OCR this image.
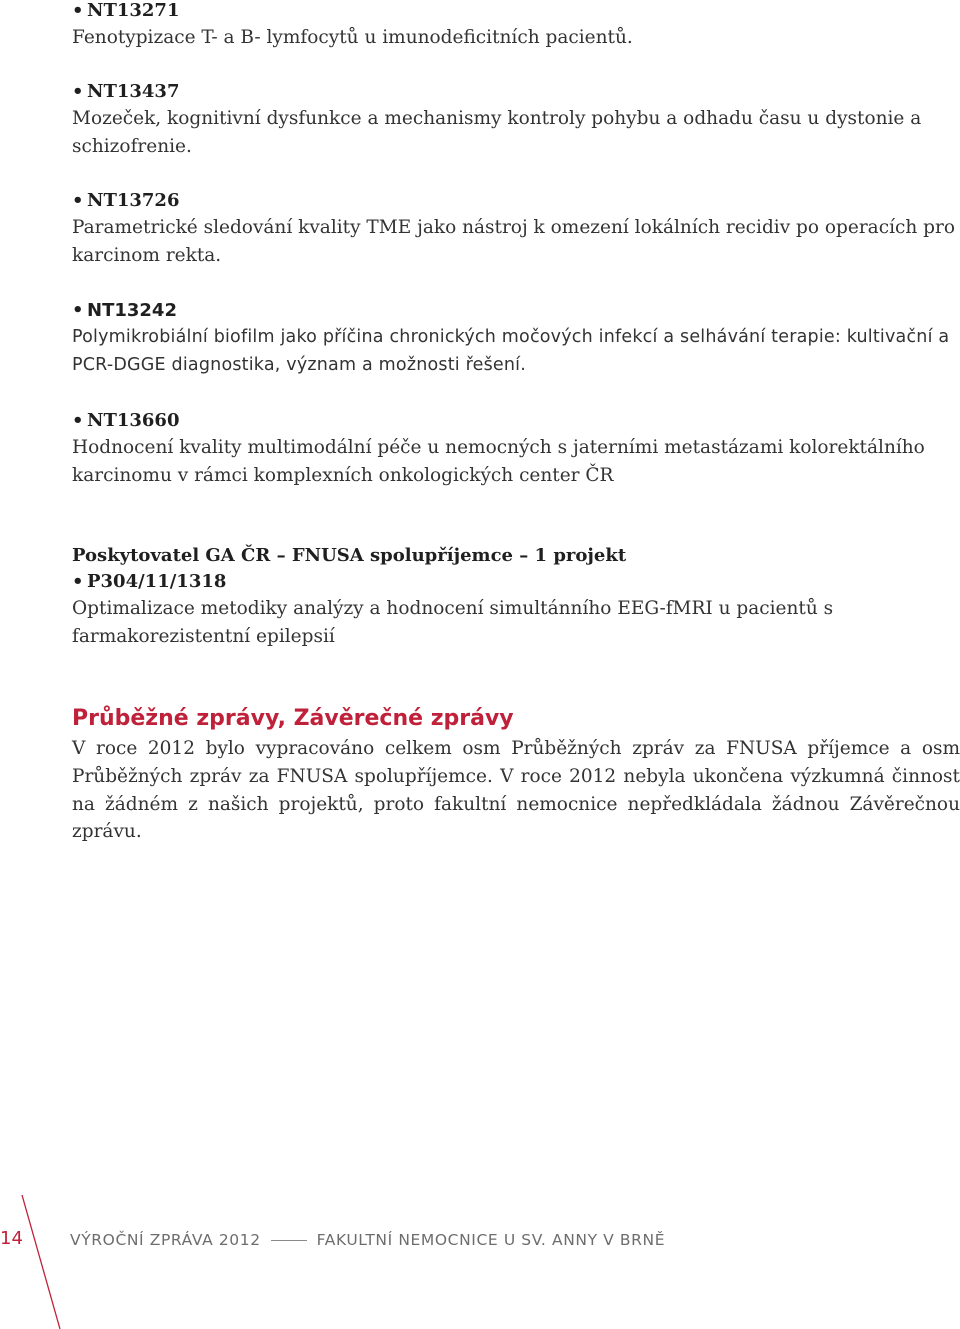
• NT13271

Fenotypizace T- a B- lymfocytů u imunodeficitních pacientů.

• NT13437

Mozeček, kognitivní dysfunkce a mechanismy kontroly pohybu a odhadu času u dystonie a schizofrenie.

• NT13726

Parametrické sledování kvality TME jako nástroj k omezení lokálních recidiv po operacích pro karcinom rekta.

• NT13242

Polymikrobiální biofilm jako příčina chronických močových infekcí a selhávání terapie: kultivační a PCR-DGGE diagnostika, význam a možnosti řešení.

• NT13660

Hodnocení kvality multimodální péče u nemocných s jaterními metastázami kolorektálního karcinomu v rámci komplexních onkologických center ČR

Poskytovatel GA ČR – FNUSA spolupříjemce – 1 projekt

• P304/11/1318

Optimalizace metodiky analýzy a hodnocení simultánního EEG-fMRI u pacientů s farmakorezistentní epilepsií

Průběžné zprávy, Závěrečné zprávy

V roce 2012 bylo vypracováno celkem osm Průběžných zpráv za FNUSA příjemce a osm Průběžných zpráv za FNUSA spolupříjemce. V roce 2012 nebyla ukončena výzkumná činnost na žádném z našich projektů, proto fakultní nemocnice nepředkládala žádnou Závěrečnou zprávu.

14	VÝROČNÍ ZPRÁVA 2012	FAKULTNÍ NEMOCNICE U SV. ANNY V BRNĚ
